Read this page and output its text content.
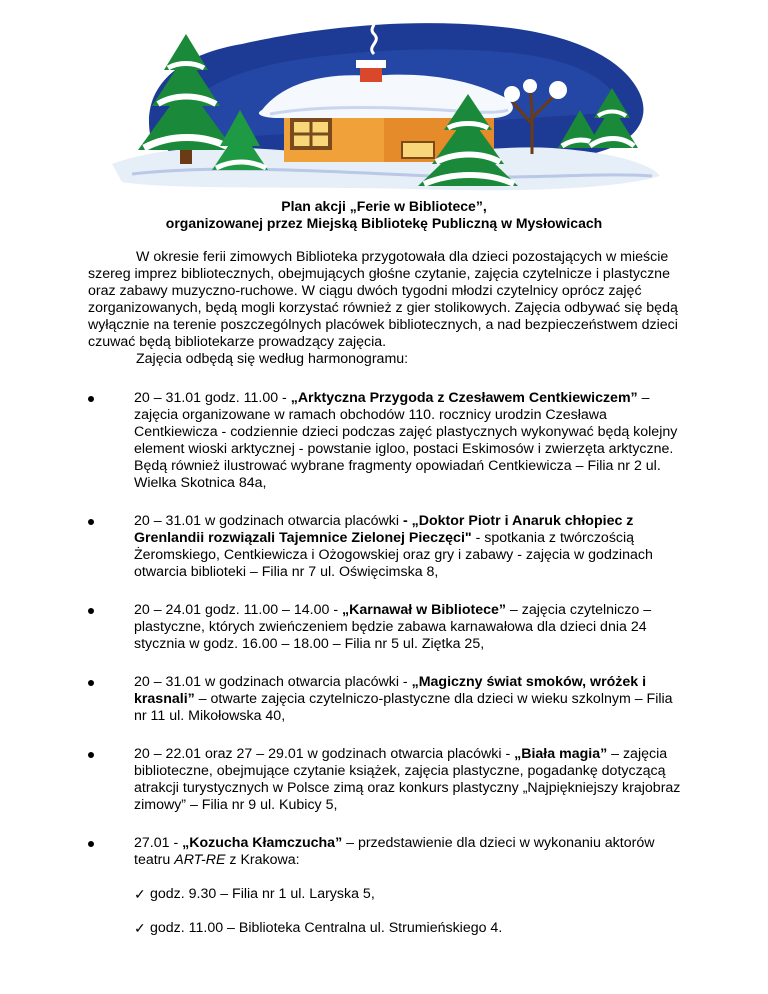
Plan akcji „Ferie w Bibliotece”,
organizowanej przez Miejską Bibliotekę Publiczną w Mysłowicach

W okresie ferii zimowych Biblioteka przygotowała dla dzieci pozostających w mieście szereg imprez bibliotecznych, obejmujących głośne czytanie, zajęcia czytelnicze i plastyczne oraz zabawy muzyczno-ruchowe. W ciągu dwóch tygodni młodzi czytelnicy oprócz zajęć zorganizowanych, będą mogli korzystać również z gier stolikowych. Zajęcia odbywać się będą wyłącznie na terenie poszczególnych placówek bibliotecznych, a nad bezpieczeństwem dzieci czuwać będą bibliotekarze prowadzący zajęcia.

Zajęcia odbędą się według harmonogramu:

20 – 31.01 godz. 11.00 - „Arktyczna Przygoda z Czesławem Centkiewiczem” – zajęcia organizowane w ramach obchodów 110. rocznicy urodzin Czesława Centkiewicza - codziennie dzieci podczas zajęć plastycznych wykonywać będą kolejny element wioski arktycznej - powstanie igloo, postaci Eskimosów i zwierzęta arktyczne. Będą również ilustrować wybrane fragmenty opowiadań Centkiewicza – Filia nr 2 ul. Wielka Skotnica 84a,

20 – 31.01 w godzinach otwarcia placówki - „Doktor Piotr i Anaruk chłopiec z Grenlandii rozwiązali Tajemnice Zielonej Pieczęci" - spotkania z twórczością Żeromskiego, Centkiewicza i Ożogowskiej oraz gry i zabawy - zajęcia w godzinach otwarcia biblioteki – Filia nr 7 ul. Oświęcimska 8,

20 – 24.01 godz. 11.00 – 14.00 - „Karnawał w Bibliotece” – zajęcia czytelniczo – plastyczne, których zwieńczeniem będzie zabawa karnawałowa dla dzieci dnia 24 stycznia w godz. 16.00 – 18.00 – Filia nr 5 ul. Ziętka 25,

20 – 31.01 w godzinach otwarcia placówki - „Magiczny świat smoków, wróżek i krasnali” – otwarte zajęcia czytelniczo-plastyczne dla dzieci w wieku szkolnym – Filia nr 11 ul. Mikołowska 40,

20 – 22.01 oraz 27 – 29.01 w godzinach otwarcia placówki - „Biała magia” – zajęcia biblioteczne, obejmujące czytanie książek, zajęcia plastyczne, pogadankę dotyczącą atrakcji turystycznych w Polsce zimą oraz konkurs plastyczny „Najpiękniejszy krajobraz zimowy” – Filia nr 9 ul. Kubicy 5,

27.01 - „Kozucha Kłamczucha” – przedstawienie dla dzieci w wykonaniu aktorów teatru ART-RE z Krakowa:

✓ godz. 9.30 – Filia nr 1 ul. Laryska 5,
✓ godz. 11.00 – Biblioteka Centralna ul. Strumieńskiego 4.
